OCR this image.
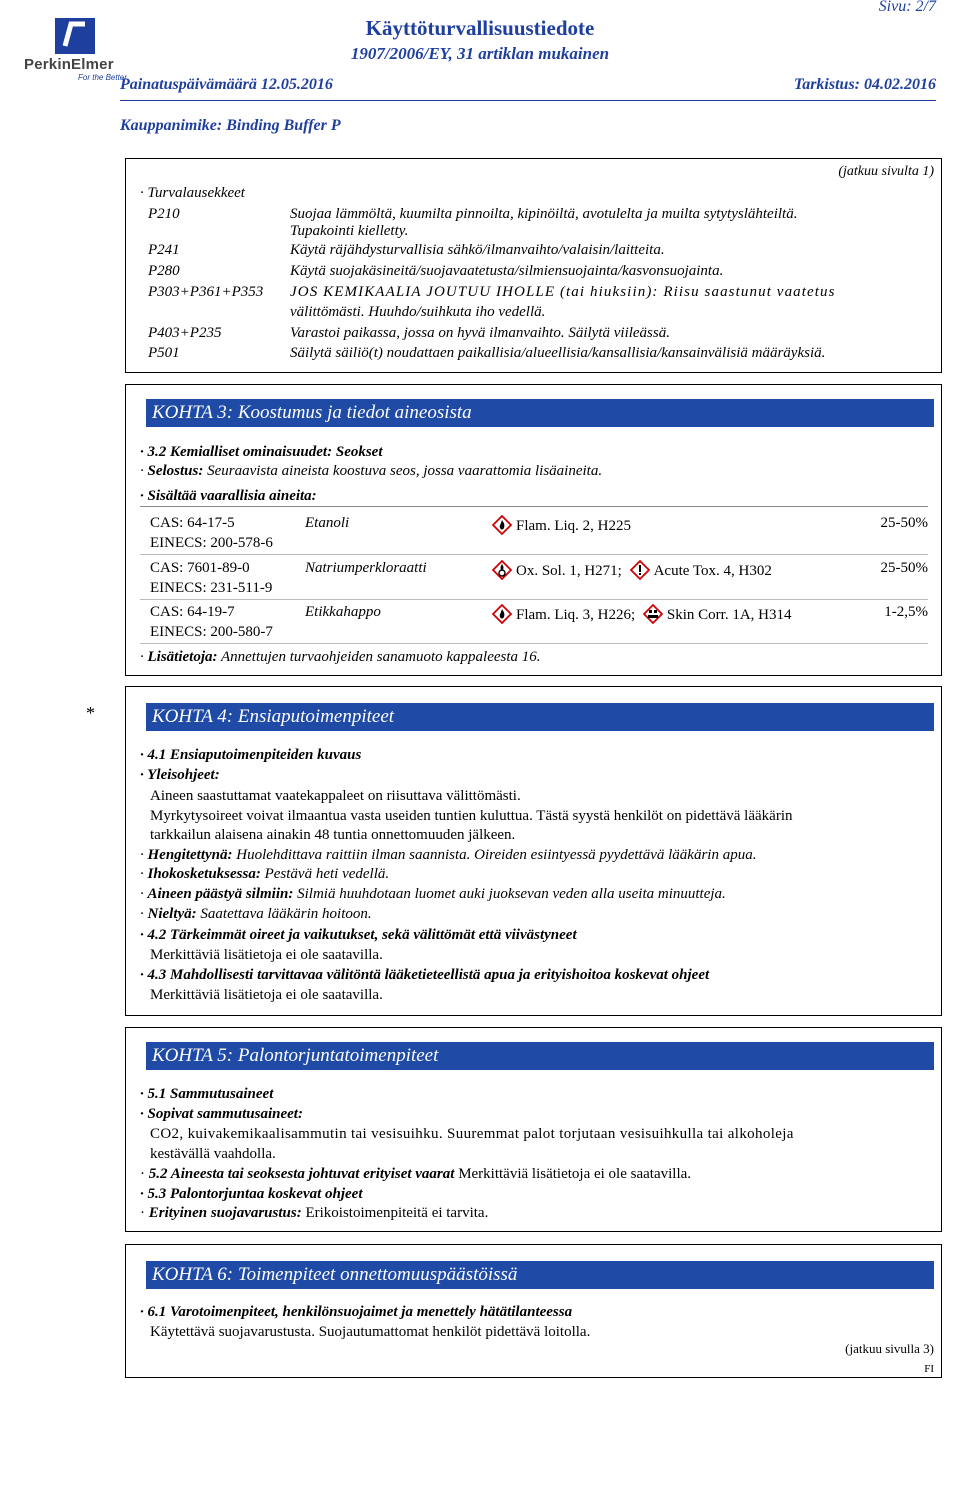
PerkinElmer
For the Better
Käyttöturvallisuustiedote
1907/2006/EY, 31 artiklan mukainen
Sivu: 2/7
Painatuspäivämäärä 12.05.2016	Tarkistus: 04.02.2016
Kauppanimike: Binding Buffer P
(jatkuu sivulta 1)
· Turvalausekkeet
P210	Suojaa lämmöltä, kuumilta pinnoilta, kipinöiltä, avotulelta ja muilta sytytyslähteiltä.
Tupakointi kielletty.
P241	Käytä räjähdysturvallisia sähkö/ilmanvaihto/valaisin/laitteita.
P280	Käytä suojakäsineitä/suojavaatetusta/silmiensuojainta/kasvonsuojainta.
P303+P361+P353 JOS KEMIKAALIA JOUTUU IHOLLE (tai hiuksiin): Riisu saastunut vaatetus
välittömästi. Huuhdo/suihkuta iho vedellä.
P403+P235	Varastoi paikassa, jossa on hyvä ilmanvaihto. Säilytä viileässä.
P501	Säilytä säiliö(t) noudattaen paikallisia/alueellisia/kansallisia/kansainvälisiä määräyksiä.
KOHTA 3: Koostumus ja tiedot aineosista
· 3.2 Kemialliset ominaisuudet: Seokset
· Selostus: Seuraavista aineista koostuva seos, jossa vaarattomia lisäaineita.
· Sisältää vaarallisia aineita:
CAS: 64-17-5
EINECS: 200-578-6
Etanoli	Flam. Liq. 2, H225	25-50%
CAS: 7601-89-0
EINECS: 231-511-9
Natriumperkloraatti	Ox. Sol. 1, H271; Acute Tox. 4, H302	25-50%
CAS: 64-19-7
EINECS: 200-580-7
Etikkahappo	Flam. Liq. 3, H226; Skin Corr. 1A, H314	1-2,5%
· Lisätietoja: Annettujen turvaohjeiden sanamuoto kappaleesta 16.
*	KOHTA 4: Ensiaputoimenpiteet
· 4.1 Ensiaputoimenpiteiden kuvaus
· Yleisohjeet:
Aineen saastuttamat vaatekappaleet on riisuttava välittömästi.
Myrkytysoireet voivat ilmaantua vasta useiden tuntien kuluttua. Tästä syystä henkilöt on pidettävä lääkärin
tarkkailun alaisena ainakin 48 tuntia onnettomuuden jälkeen.
· Hengitettynä: Huolehdittava raittiin ilman saannista. Oireiden esiintyessä pyydettävä lääkärin apua.
· Ihokosketuksessa: Pestävä heti vedellä.
· Aineen päästyä silmiin: Silmiä huuhdotaan luomet auki juoksevan veden alla useita minuutteja.
· Nieltyä: Saatettava lääkärin hoitoon.
· 4.2 Tärkeimmät oireet ja vaikutukset, sekä välittömät että viivästyneet
Merkittäviä lisätietoja ei ole saatavilla.
· 4.3 Mahdollisesti tarvittavaa välitöntä lääketieteellistä apua ja erityishoitoa koskevat ohjeet
Merkittäviä lisätietoja ei ole saatavilla.
KOHTA 5: Palontorjuntatoimenpiteet
· 5.1 Sammutusaineet
· Sopivat sammutusaineet:
CO2, kuivakemikaalisammutin tai vesisuihku. Suuremmat palot torjutaan vesisuihkulla tai alkoholeja
kestävällä vaahdolla.
· 5.2 Aineesta tai seoksesta johtuvat erityiset vaarat Merkittäviä lisätietoja ei ole saatavilla.
· 5.3 Palontorjuntaa koskevat ohjeet
· Erityinen suojavarustus: Erikoistoimenpiteitä ei tarvita.
KOHTA 6: Toimenpiteet onnettomuuspäästöissä
· 6.1 Varotoimenpiteet, henkilönsuojaimet ja menettely hätätilanteessa
Käytettävä suojavarustusta. Suojautumattomat henkilöt pidettävä loitolla.
(jatkuu sivulla 3)
FI
